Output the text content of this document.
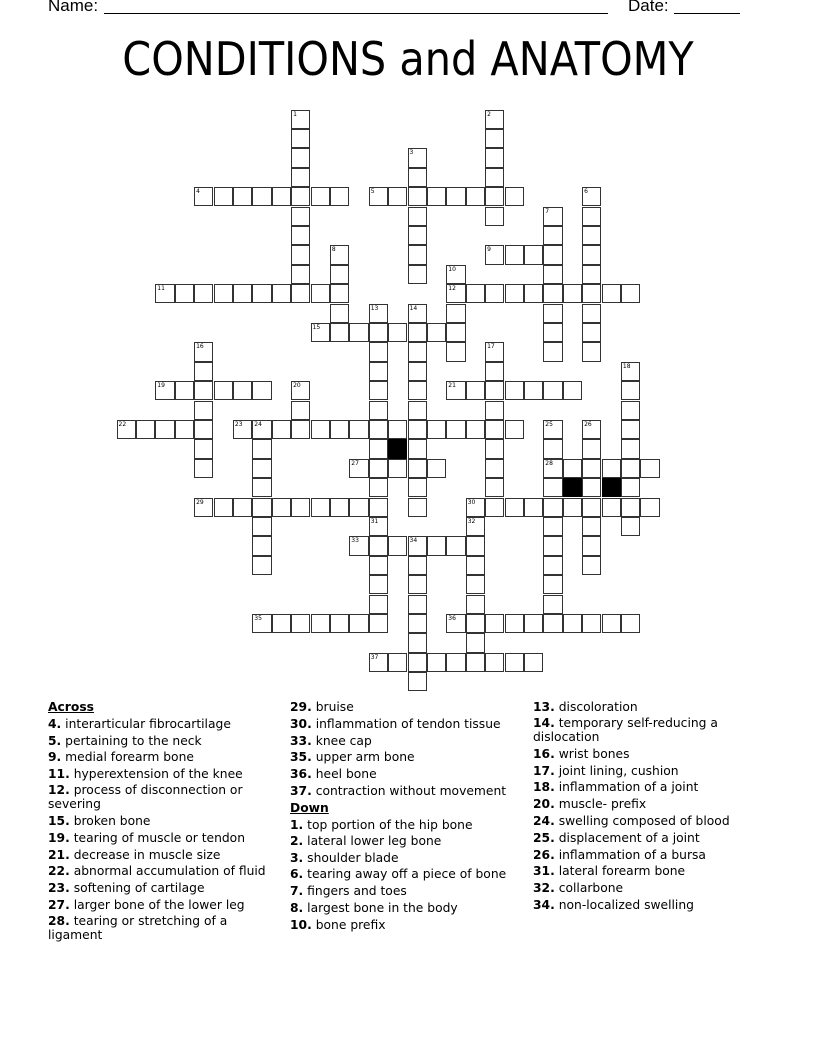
Name:	Date:
CONDITIONS and ANATOMY
4	5
9
11	12
15
19	21
22	23 24
27	28
29	30
33	34
35	36
37
1	2
3
6
7
8
10
13	14
16	17
18
20
25	26
31	32
Across
4. interarticular fibrocartilage
5. pertaining to the neck
9. medial forearm bone
11. hyperextension of the knee
12. process of disconnection or severing
15. broken bone
19. tearing of muscle or tendon
21. decrease in muscle size
22. abnormal accumulation of fluid
23. softening of cartilage
27. larger bone of the lower leg
28. tearing or stretching of a ligament
29. bruise
30. inflammation of tendon tissue
33. knee cap
35. upper arm bone
36. heel bone
37. contraction without movement
Down
1. top portion of the hip bone
2. lateral lower leg bone
3. shoulder blade
6. tearing away off a piece of bone
7. fingers and toes
8. largest bone in the body
10. bone prefix
13. discoloration
14. temporary self-reducing a dislocation
16. wrist bones
17. joint lining, cushion
18. inflammation of a joint
20. muscle- prefix
24. swelling composed of blood
25. displacement of a joint
26. inflammation of a bursa
31. lateral forearm bone
32. collarbone
34. non-localized swelling
